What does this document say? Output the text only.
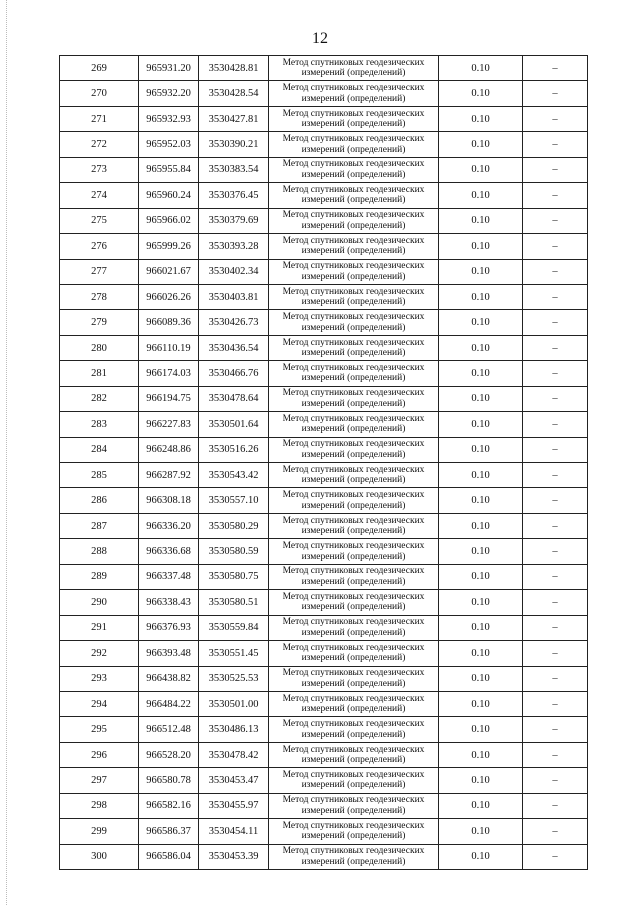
12
269	965931.20	3530428.81	Метод спутниковых геодезических
измерений (определений)	0.10	–
270	965932.20	3530428.54	Метод спутниковых геодезических
измерений (определений)	0.10	–
271	965932.93	3530427.81	Метод спутниковых геодезических
измерений (определений)	0.10	–
272	965952.03	3530390.21	Метод спутниковых геодезических
измерений (определений)	0.10	–
273	965955.84	3530383.54	Метод спутниковых геодезических
измерений (определений)	0.10	–
274	965960.24	3530376.45	Метод спутниковых геодезических
измерений (определений)	0.10	–
275	965966.02	3530379.69	Метод спутниковых геодезических
измерений (определений)	0.10	–
276	965999.26	3530393.28	Метод спутниковых геодезических
измерений (определений)	0.10	–
277	966021.67	3530402.34	Метод спутниковых геодезических
измерений (определений)	0.10	–
278	966026.26	3530403.81	Метод спутниковых геодезических
измерений (определений)	0.10	–
279	966089.36	3530426.73	Метод спутниковых геодезических
измерений (определений)	0.10	–
280	966110.19	3530436.54	Метод спутниковых геодезических
измерений (определений)	0.10	–
281	966174.03	3530466.76	Метод спутниковых геодезических
измерений (определений)	0.10	–
282	966194.75	3530478.64	Метод спутниковых геодезических
измерений (определений)	0.10	–
283	966227.83	3530501.64	Метод спутниковых геодезических
измерений (определений)	0.10	–
284	966248.86	3530516.26	Метод спутниковых геодезических
измерений (определений)	0.10	–
285	966287.92	3530543.42	Метод спутниковых геодезических
измерений (определений)	0.10	–
286	966308.18	3530557.10	Метод спутниковых геодезических
измерений (определений)	0.10	–
287	966336.20	3530580.29	Метод спутниковых геодезических
измерений (определений)	0.10	–
288	966336.68	3530580.59	Метод спутниковых геодезических
измерений (определений)	0.10	–
289	966337.48	3530580.75	Метод спутниковых геодезических
измерений (определений)	0.10	–
290	966338.43	3530580.51	Метод спутниковых геодезических
измерений (определений)	0.10	–
291	966376.93	3530559.84	Метод спутниковых геодезических
измерений (определений)	0.10	–
292	966393.48	3530551.45	Метод спутниковых геодезических
измерений (определений)	0.10	–
293	966438.82	3530525.53	Метод спутниковых геодезических
измерений (определений)	0.10	–
294	966484.22	3530501.00	Метод спутниковых геодезических
измерений (определений)	0.10	–
295	966512.48	3530486.13	Метод спутниковых геодезических
измерений (определений)	0.10	–
296	966528.20	3530478.42	Метод спутниковых геодезических
измерений (определений)	0.10	–
297	966580.78	3530453.47	Метод спутниковых геодезических
измерений (определений)	0.10	–
298	966582.16	3530455.97	Метод спутниковых геодезических
измерений (определений)	0.10	–
299	966586.37	3530454.11	Метод спутниковых геодезических
измерений (определений)	0.10	–
300	966586.04	3530453.39	Метод спутниковых геодезических
измерений (определений)	0.10	–
